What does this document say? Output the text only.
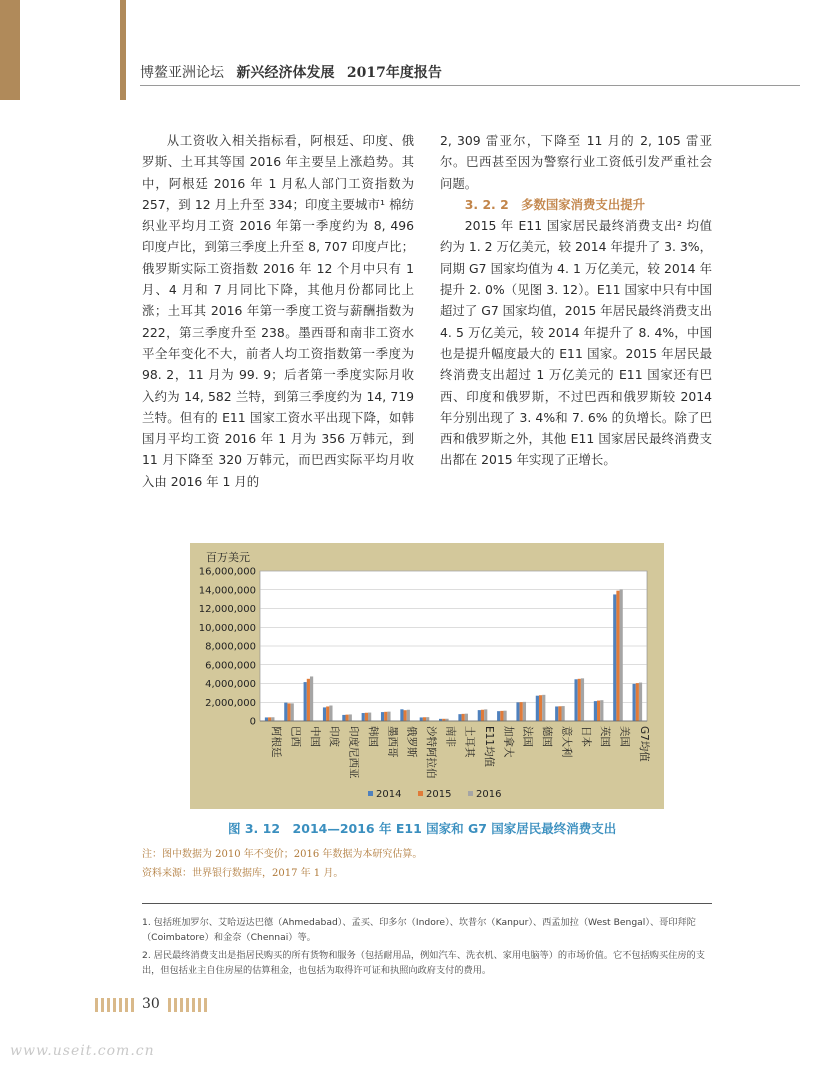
博鳌亚洲论坛 新兴经济体发展 2017年度报告

从工资收入相关指标看，阿根廷、印度、俄罗斯、土耳其等国 2016 年主要呈上涨趋势。其中，阿根廷 2016 年 1 月私人部门工资指数为 257，到 12 月上升至 334；印度主要城市¹ 棉纺织业平均月工资 2016 年第一季度约为 8, 496 印度卢比，到第三季度上升至 8, 707 印度卢比；俄罗斯实际工资指数 2016 年 12 个月中只有 1 月、4 月和 7 月同比下降，其他月份都同比上涨；土耳其 2016 年第一季度工资与薪酬指数为 222，第三季度升至 238。墨西哥和南非工资水平全年变化不大，前者人均工资指数第一季度为 98. 2，11 月为 99. 9；后者第一季度实际月收入约为 14, 582 兰特，到第三季度约为 14, 719 兰特。但有的 E11 国家工资水平出现下降，如韩国月平均工资 2016 年 1 月为 356 万韩元，到 11 月下降至 320 万韩元，而巴西实际平均月收入由 2016 年 1 月的

2, 309 雷亚尔，下降至 11 月的 2, 105 雷亚尔。巴西甚至因为警察行业工资低引发严重社会问题。

3. 2. 2　多数国家消费支出提升

2015 年 E11 国家居民最终消费支出² 均值约为 1. 2 万亿美元，较 2014 年提升了 3. 3%，同期 G7 国家均值为 4. 1 万亿美元，较 2014 年提升 2. 0%（见图 3. 12）。E11 国家中只有中国超过了 G7 国家均值，2015 年居民最终消费支出 4. 5 万亿美元，较 2014 年提升了 8. 4%，中国也是提升幅度最大的 E11 国家。2015 年居民最终消费支出超过 1 万亿美元的 E11 国家还有巴西、印度和俄罗斯，不过巴西和俄罗斯较 2014 年分别出现了 3. 4%和 7. 6% 的负增长。除了巴西和俄罗斯之外，其他 E11 国家居民最终消费支出都在 2015 年实现了正增长。

百万美元
0
2,000,000
4,000,000
6,000,000
8,000,000
10,000,000
12,000,000
14,000,000
16,000,000
阿根廷 巴西 中国 印度 印度尼西亚 韩国 墨西哥 俄罗斯 沙特阿拉伯 南非 土耳其 E11均值 加拿大 法国 德国 意大利 日本 英国 美国 G7均值
2014 2015 2016
图 3. 12　2014—2016 年 E11 国家和 G7 国家居民最终消费支出
注：图中数据为 2010 年不变价；2016 年数据为本研究估算。
资料来源：世界银行数据库，2017 年 1 月。
1. 包括班加罗尔、艾哈迈达巴德（Ahmedabad）、孟买、印多尔（Indore）、坎普尔（Kanpur）、西孟加拉（West Bengal）、哥印拜陀（Coimbatore）和金奈（Chennai）等。
2. 居民最终消费支出是指居民购买的所有货物和服务（包括耐用品，例如汽车、洗衣机、家用电脑等）的市场价值。它不包括购买住房的支出，但包括业主自住房屋的估算租金，也包括为取得许可证和执照向政府支付的费用。
30
www.useit.com.cn
